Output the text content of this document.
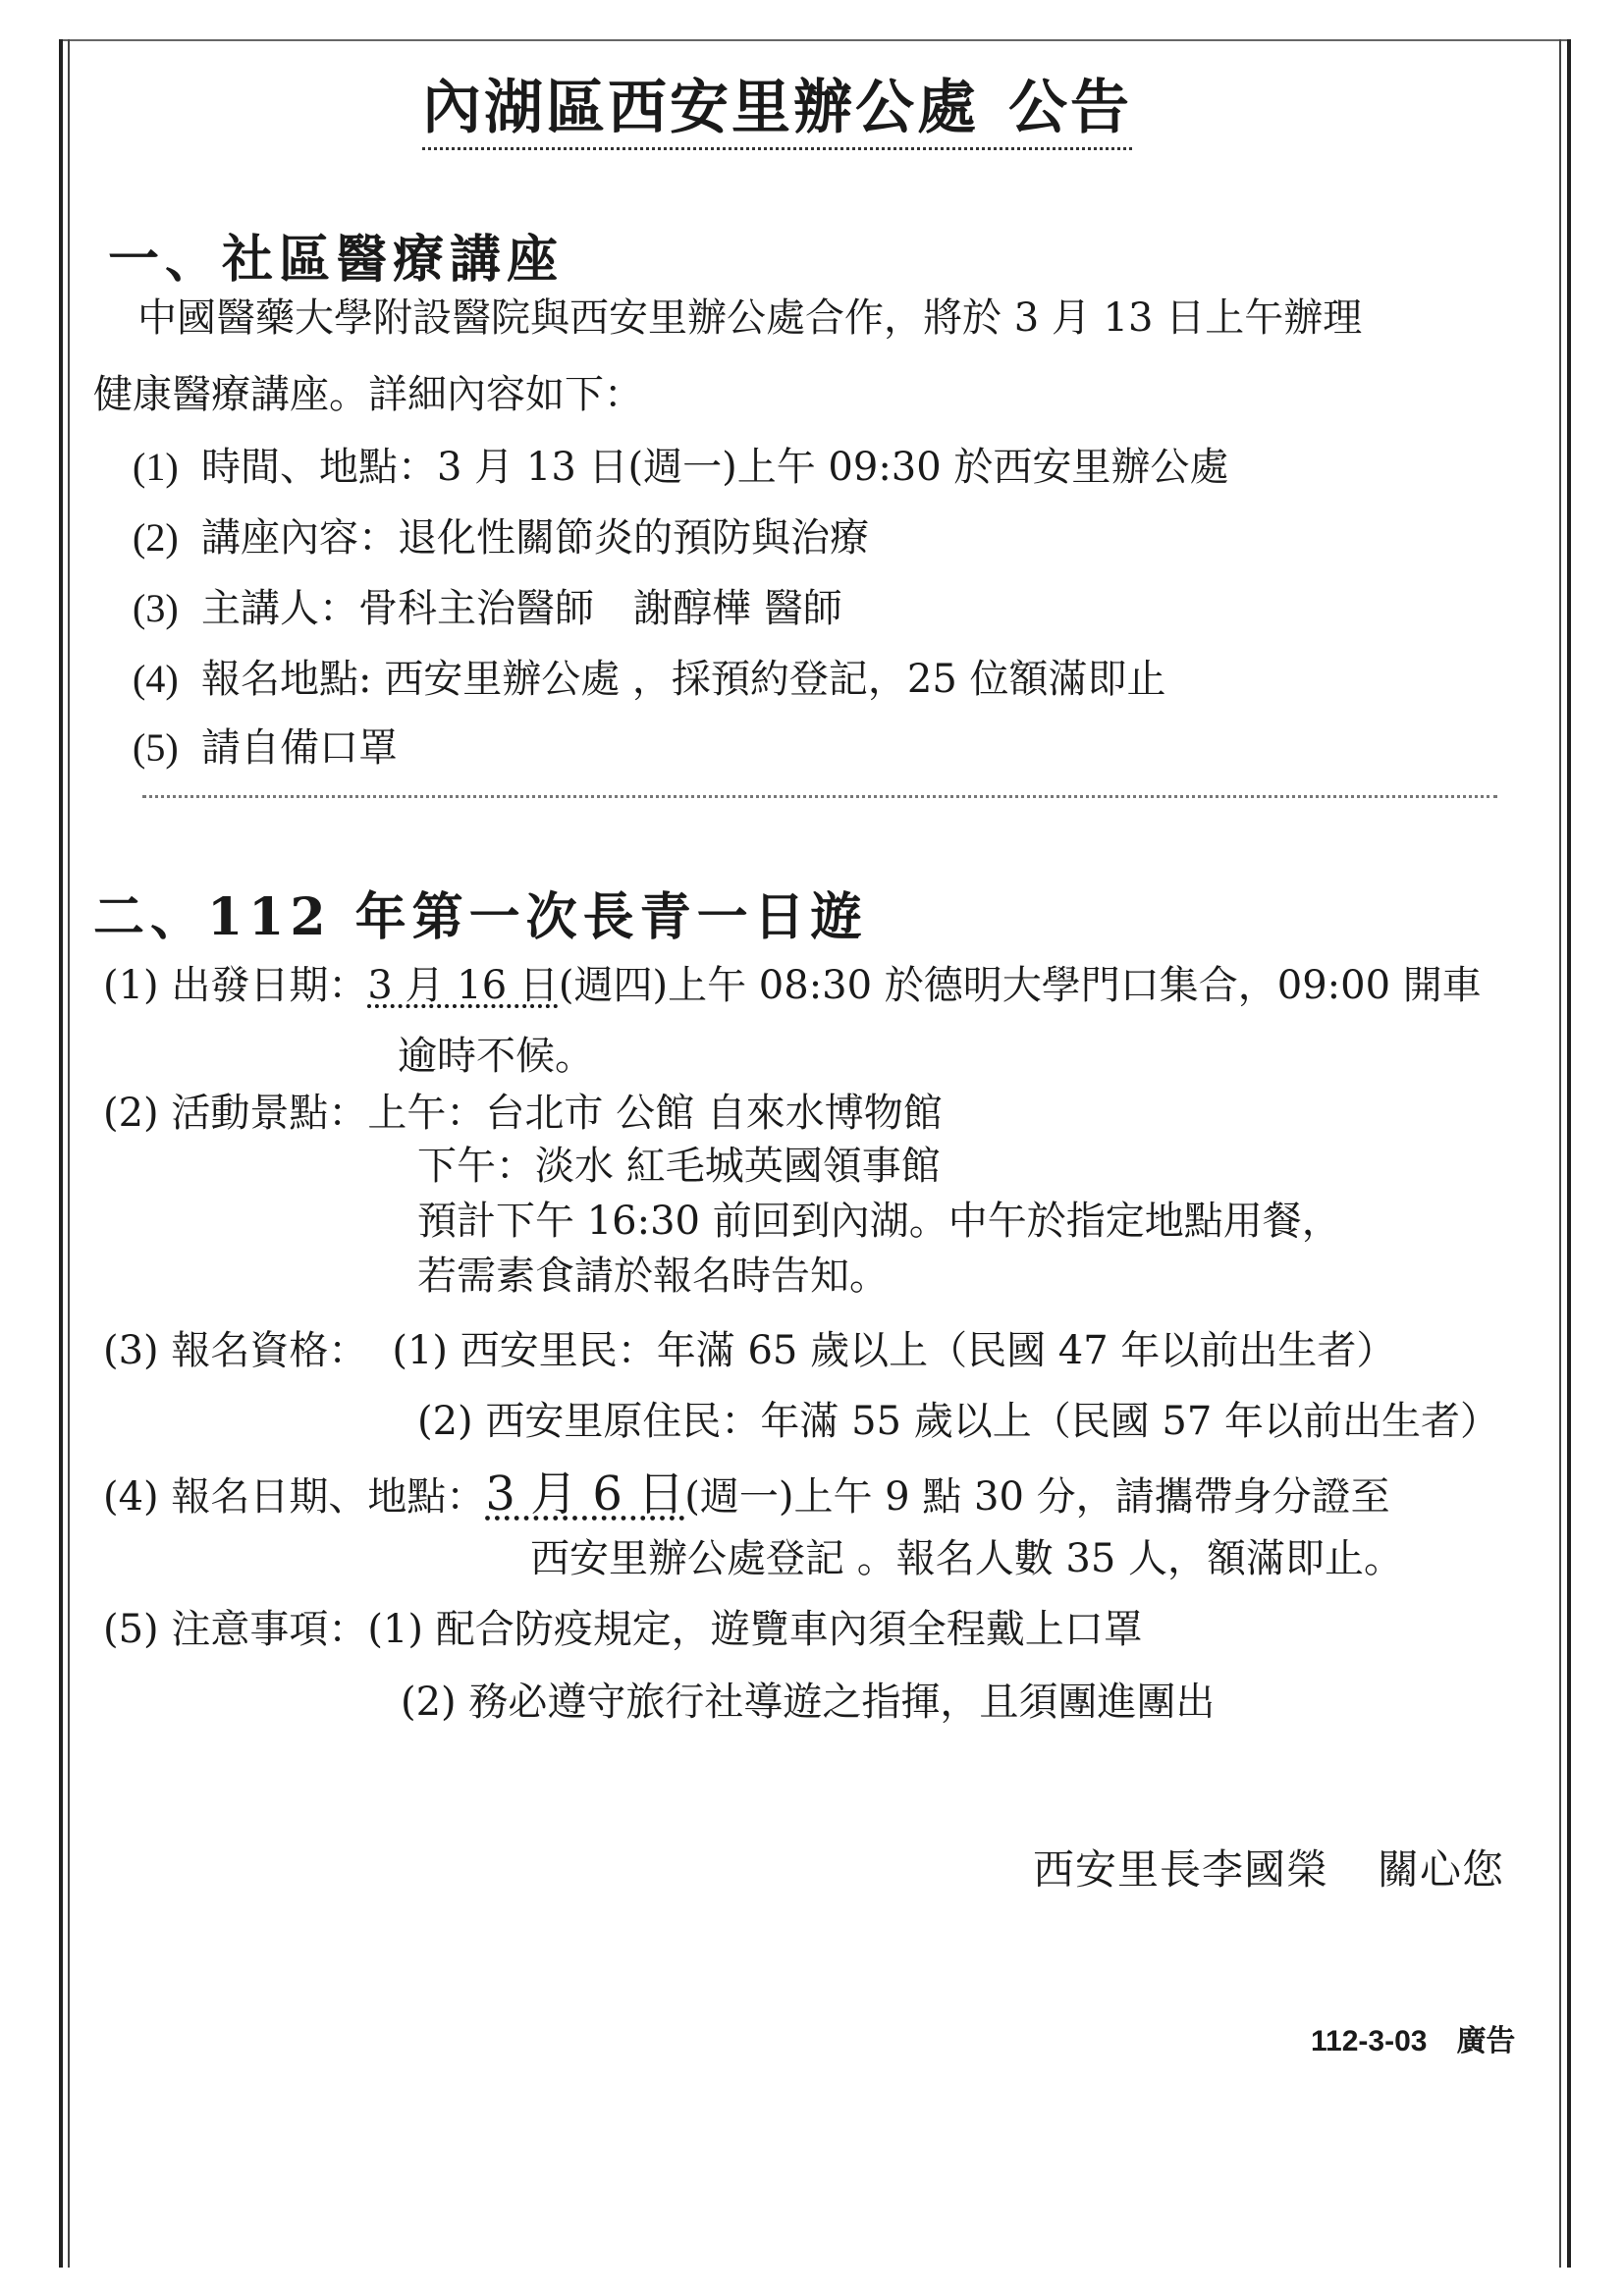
內湖區西安里辦公處 公告
一、社區醫療講座
中國醫藥大學附設醫院與西安里辦公處合作，將於 3 月 13 日上午辦理
健康醫療講座。詳細內容如下：
(1) 時間、地點：3 月 13 日(週一)上午 09:30 於西安里辦公處
(2) 講座內容：退化性關節炎的預防與治療
(3) 主講人：骨科主治醫師　謝醇樺 醫師
(4) 報名地點: 西安里辦公處 ，採預約登記，25 位額滿即止
(5) 請自備口罩
二、112 年第一次長青一日遊
(1) 出發日期：3 月 16 日(週四)上午 08:30 於德明大學門口集合，09:00 開車
逾時不候。
(2) 活動景點：上午：台北市 公館 自來水博物館
下午：淡水 紅毛城英國領事館
預計下午 16:30 前回到內湖。中午於指定地點用餐，
若需素食請於報名時告知。
(3) 報名資格： (1) 西安里民：年滿 65 歲以上（民國 47 年以前出生者）
(2) 西安里原住民：年滿 55 歲以上（民國 57 年以前出生者）
(4) 報名日期、地點：3 月 6 日(週一)上午 9 點 30 分，請攜帶身分證至
西安里辦公處登記 。報名人數 35 人，額滿即止。
(5) 注意事項：(1) 配合防疫規定，遊覽車內須全程戴上口罩
(2) 務必遵守旅行社導遊之指揮，且須團進團出
西安里長李國榮 關心您
112-3-03 廣告
